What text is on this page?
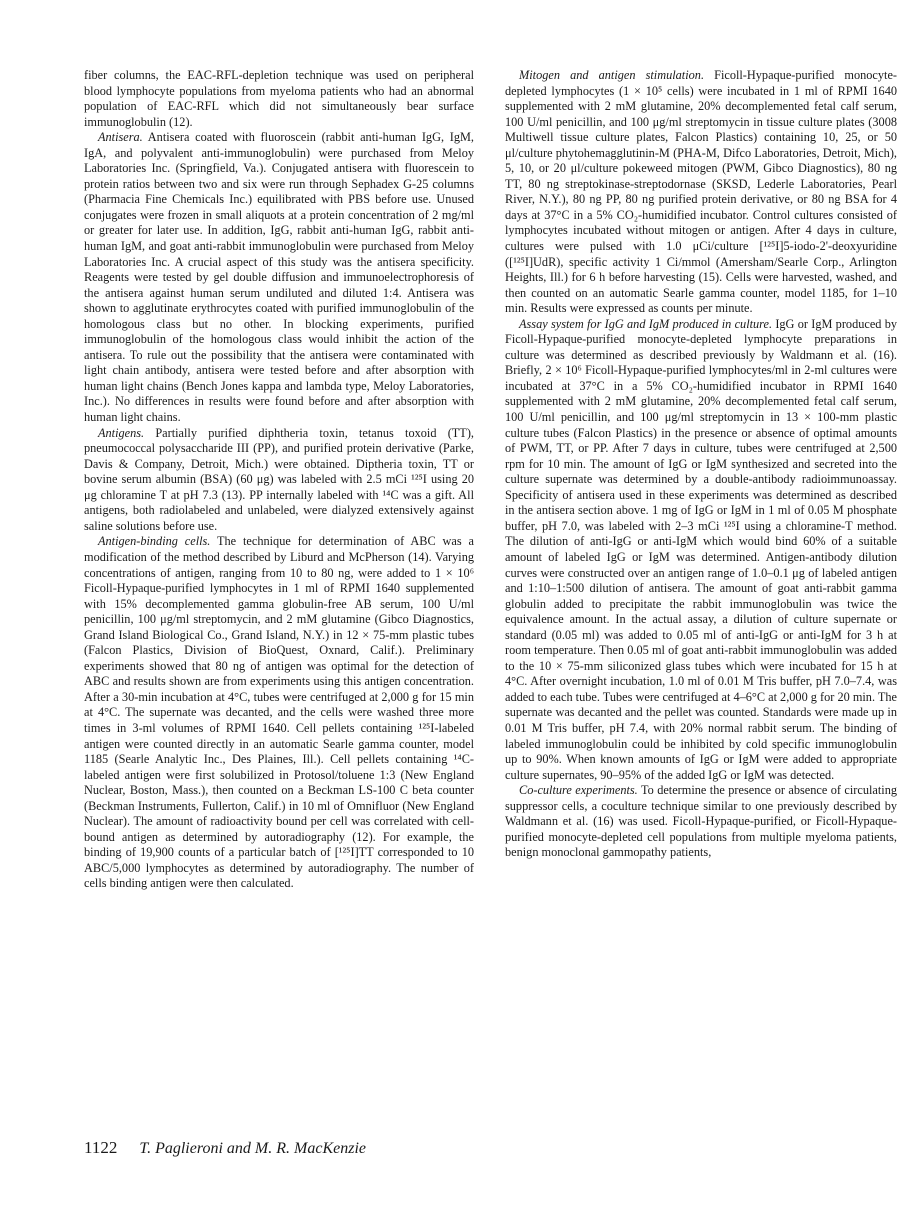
fiber columns, the EAC-RFL-depletion technique was used on peripheral blood lymphocyte populations from myeloma patients who had an abnormal population of EAC-RFL which did not simultaneously bear surface immunoglobulin (12).

Antisera. Antisera coated with fluoroscein (rabbit anti-human IgG, IgM, IgA, and polyvalent anti-immunoglobulin) were purchased from Meloy Laboratories Inc. (Springfield, Va.). Conjugated antisera with fluorescein to protein ratios between two and six were run through Sephadex G-25 columns (Pharmacia Fine Chemicals Inc.) equilibrated with PBS before use. Unused conjugates were frozen in small aliquots at a protein concentration of 2 mg/ml or greater for later use. In addition, IgG, rabbit anti-human IgG, rabbit anti-human IgM, and goat anti-rabbit immunoglobulin were purchased from Meloy Laboratories Inc. A crucial aspect of this study was the antisera specificity. Reagents were tested by gel double diffusion and immunoelectrophoresis of the antisera against human serum undiluted and diluted 1:4. Antisera was shown to agglutinate erythrocytes coated with purified immunoglobulin of the homologous class but no other. In blocking experiments, purified immunoglobulin of the homologous class would inhibit the action of the antisera. To rule out the possibility that the antisera were contaminated with light chain antibody, antisera were tested before and after absorption with human light chains (Bench Jones kappa and lambda type, Meloy Laboratories, Inc.). No differences in results were found before and after absorption with human light chains.

Antigens. Partially purified diphtheria toxin, tetanus toxoid (TT), pneumococcal polysaccharide III (PP), and purified protein derivative (Parke, Davis & Company, Detroit, Mich.) were obtained. Diptheria toxin, TT or bovine serum albumin (BSA) (60 μg) was labeled with 2.5 mCi ¹²⁵I using 20 μg chloramine T at pH 7.3 (13). PP internally labeled with ¹⁴C was a gift. All antigens, both radiolabeled and unlabeled, were dialyzed extensively against saline solutions before use.

Antigen-binding cells. The technique for determination of ABC was a modification of the method described by Liburd and McPherson (14). Varying concentrations of antigen, ranging from 10 to 80 ng, were added to 1 × 10⁶ Ficoll-Hypaque-purified lymphocytes in 1 ml of RPMI 1640 supplemented with 15% decomplemented gamma globulin-free AB serum, 100 U/ml penicillin, 100 μg/ml streptomycin, and 2 mM glutamine (Gibco Diagnostics, Grand Island Biological Co., Grand Island, N.Y.) in 12 × 75-mm plastic tubes (Falcon Plastics, Division of BioQuest, Oxnard, Calif.). Preliminary experiments showed that 80 ng of antigen was optimal for the detection of ABC and results shown are from experiments using this antigen concentration. After a 30-min incubation at 4°C, tubes were centrifuged at 2,000 g for 15 min at 4°C. The supernate was decanted, and the cells were washed three more times in 3-ml volumes of RPMI 1640. Cell pellets containing ¹²⁵I-labeled antigen were counted directly in an automatic Searle gamma counter, model 1185 (Searle Analytic Inc., Des Plaines, Ill.). Cell pellets containing ¹⁴C-labeled antigen were first solubilized in Protosol/toluene 1:3 (New England Nuclear, Boston, Mass.), then counted on a Beckman LS-100 C beta counter (Beckman Instruments, Fullerton, Calif.) in 10 ml of Omnifluor (New England Nuclear). The amount of radioactivity bound per cell was correlated with cell-bound antigen as determined by autoradiography (12). For example, the binding of 19,900 counts of a particular batch of [¹²⁵I]TT corresponded to 10 ABC/5,000 lymphocytes as determined by autoradiography. The number of cells binding antigen were then calculated.

Mitogen and antigen stimulation. Ficoll-Hypaque-purified monocyte-depleted lymphocytes (1 × 10⁵ cells) were incubated in 1 ml of RPMI 1640 supplemented with 2 mM glutamine, 20% decomplemented fetal calf serum, 100 U/ml penicillin, and 100 μg/ml streptomycin in tissue culture plates (3008 Multiwell tissue culture plates, Falcon Plastics) containing 10, 25, or 50 μl/culture phytohemagglutinin-M (PHA-M, Difco Laboratories, Detroit, Mich), 5, 10, or 20 μl/culture pokeweed mitogen (PWM, Gibco Diagnostics), 80 ng TT, 80 ng streptokinase-streptodornase (SKSD, Lederle Laboratories, Pearl River, N.Y.), 80 ng PP, 80 ng purified protein derivative, or 80 ng BSA for 4 days at 37°C in a 5% CO₂-humidified incubator. Control cultures consisted of lymphocytes incubated without mitogen or antigen. After 4 days in culture, cultures were pulsed with 1.0 μCi/culture [¹²⁵I]5-iodo-2'-deoxyuridine ([¹²⁵I]UdR), specific activity 1 Ci/mmol (Amersham/Searle Corp., Arlington Heights, Ill.) for 6 h before harvesting (15). Cells were harvested, washed, and then counted on an automatic Searle gamma counter, model 1185, for 1–10 min. Results were expressed as counts per minute.

Assay system for IgG and IgM produced in culture. IgG or IgM produced by Ficoll-Hypaque-purified monocyte-depleted lymphocyte preparations in culture was determined as described previously by Waldmann et al. (16). Briefly, 2 × 10⁶ Ficoll-Hypaque-purified lymphocytes/ml in 2-ml cultures were incubated at 37°C in a 5% CO₂-humidified incubator in RPMI 1640 supplemented with 2 mM glutamine, 20% decomplemented fetal calf serum, 100 U/ml penicillin, and 100 μg/ml streptomycin in 13 × 100-mm plastic culture tubes (Falcon Plastics) in the presence or absence of optimal amounts of PWM, TT, or PP. After 7 days in culture, tubes were centrifuged at 2,500 rpm for 10 min. The amount of IgG or IgM synthesized and secreted into the culture supernate was determined by a double-antibody radioimmunoassay. Specificity of antisera used in these experiments was determined as described in the antisera section above. 1 mg of IgG or IgM in 1 ml of 0.05 M phosphate buffer, pH 7.0, was labeled with 2–3 mCi ¹²⁵I using a chloramine-T method. The dilution of anti-IgG or anti-IgM which would bind 60% of a suitable amount of labeled IgG or IgM was determined. Antigen-antibody dilution curves were constructed over an antigen range of 1.0–0.1 μg of labeled antigen and 1:10–1:500 dilution of antisera. The amount of goat anti-rabbit gamma globulin added to precipitate the rabbit immunoglobulin was twice the equivalence amount. In the actual assay, a dilution of culture supernate or standard (0.05 ml) was added to 0.05 ml of anti-IgG or anti-IgM for 3 h at room temperature. Then 0.05 ml of goat anti-rabbit immunoglobulin was added to the 10 × 75-mm siliconized glass tubes which were incubated for 15 h at 4°C. After overnight incubation, 1.0 ml of 0.01 M Tris buffer, pH 7.0–7.4, was added to each tube. Tubes were centrifuged at 4–6°C at 2,000 g for 20 min. The supernate was decanted and the pellet was counted. Standards were made up in 0.01 M Tris buffer, pH 7.4, with 20% normal rabbit serum. The binding of labeled immunoglobulin could be inhibited by cold specific immunoglobulin up to 90%. When known amounts of IgG or IgM were added to appropriate culture supernates, 90–95% of the added IgG or IgM was detected.

Co-culture experiments. To determine the presence or absence of circulating suppressor cells, a coculture technique similar to one previously described by Waldmann et al. (16) was used. Ficoll-Hypaque-purified, or Ficoll-Hypaque-purified monocyte-depleted cell populations from multiple myeloma patients, benign monoclonal gammopathy patients,

1122 T. Paglieroni and M. R. MacKenzie
